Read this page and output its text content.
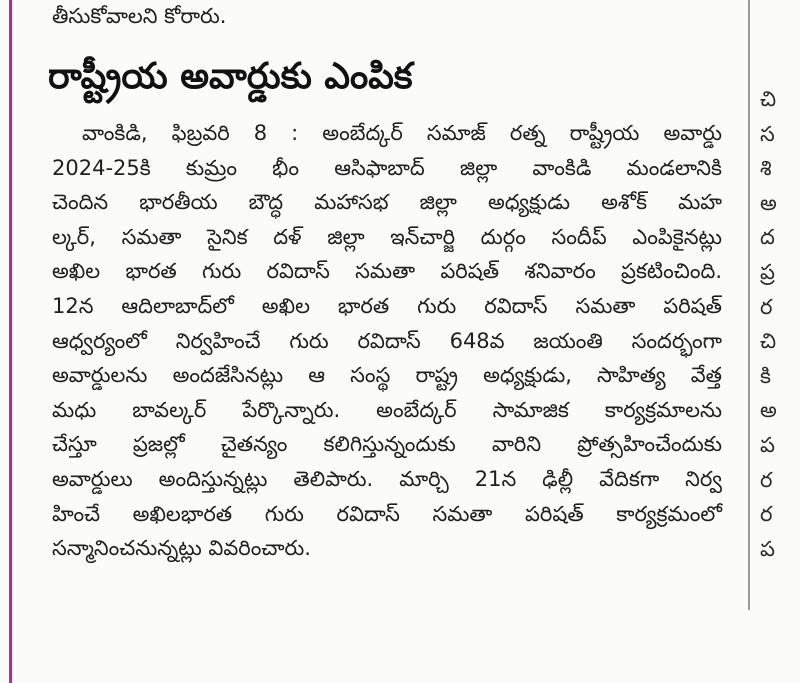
తీసుకోవాలని కోరారు.
రాష్ట్రీయ అవార్డుకు ఎంపిక
వాంకిడి, ఫిబ్రవరి 8 : అంబేద్కర్ సమాజ్ రత్న రాష్ట్రీయ అవార్డు
2024-25కి కుమ్రం భీం ఆసిఫాబాద్ జిల్లా వాంకిడి మండలానికి
చెందిన భారతీయ బౌద్ధ మహాసభ జిల్లా అధ్యక్షుడు అశోక్ మహ
ల్కర్, సమతా సైనిక దళ్ జిల్లా ఇన్‌చార్జి దుర్గం సందీప్ ఎంపికైనట్లు
అఖిల భారత గురు రవిదాస్ సమతా పరిషత్ శనివారం ప్రకటించింది.
12న ఆదిలాబాద్‌లో అఖిల భారత గురు రవిదాస్ సమతా పరిషత్
ఆధ్వర్యంలో నిర్వహించే గురు రవిదాస్ 648వ జయంతి సందర్భంగా
అవార్డులను అందజేసినట్లు ఆ సంస్థ రాష్ట్ర అధ్యక్షుడు, సాహిత్య వేత్త
మధు బావల్కర్ పేర్కొన్నారు. అంబేద్కర్ సామాజిక కార్యక్రమాలను
చేస్తూ ప్రజల్లో చైతన్యం కలిగిస్తున్నందుకు వారిని ప్రోత్సహించేందుకు
అవార్డులు అందిస్తున్నట్లు తెలిపారు. మార్చి 21న ఢిల్లీ వేదికగా నిర్వ
హించే అఖిలభారత గురు రవిదాస్ సమతా పరిషత్ కార్యక్రమంలో
సన్మానించనున్నట్లు వివరించారు.
చి
స
శి
అ
ద
ప్ర
ర
చి
కి
అ
ప
ర
ర
ప
